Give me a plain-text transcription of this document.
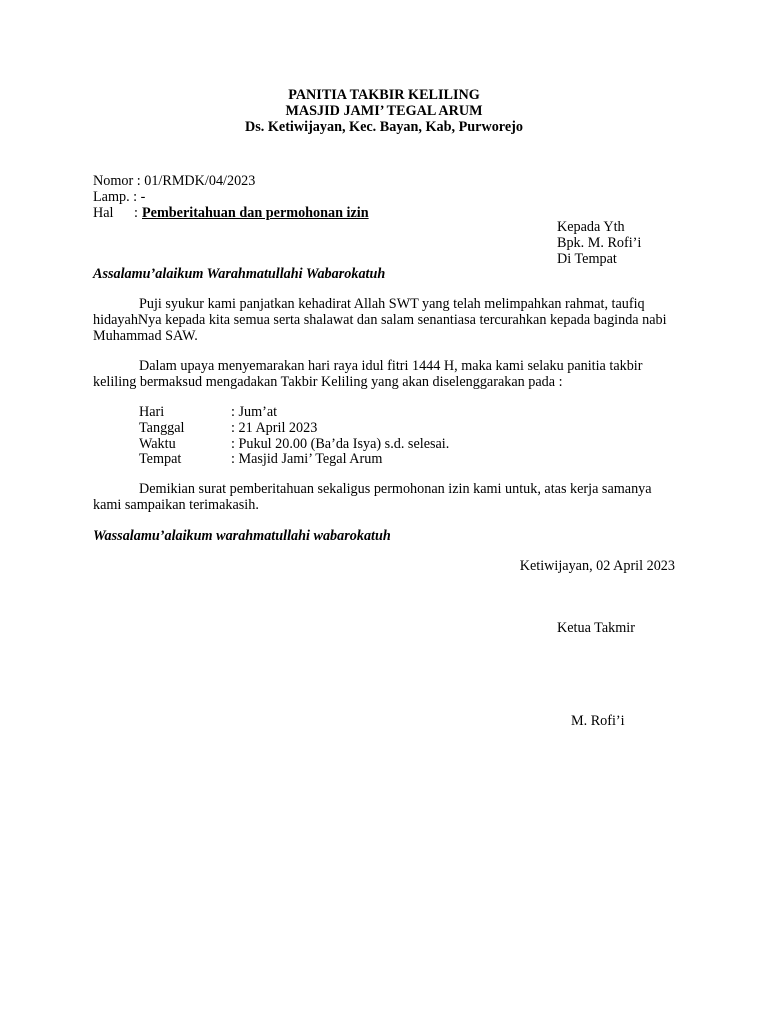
PANITIA TAKBIR KELILING
MASJID JAMI’ TEGAL ARUM
Ds. Ketiwijayan, Kec. Bayan, Kab, Purworejo
Nomor : 01/RMDK/04/2023
Lamp. : -
Hal : Pemberitahuan dan permohonan izin
Kepada Yth
Bpk. M. Rofi’i
Di Tempat
Assalamu’alaikum Warahmatullahi Wabarokatuh
Puji syukur kami panjatkan kehadirat Allah SWT yang telah melimpahkan rahmat, taufiq
hidayahNya kepada kita semua serta shalawat dan salam senantiasa tercurahkan kepada baginda nabi
Muhammad SAW.
Dalam upaya menyemarakan hari raya idul fitri 1444 H, maka kami selaku panitia takbir
keliling bermaksud mengadakan Takbir Keliling yang akan diselenggarakan pada :
Hari	: Jum’at
Tanggal	: 21 April 2023
Waktu	: Pukul 20.00 (Ba’da Isya) s.d. selesai.
Tempat	: Masjid Jami’ Tegal Arum
Demikian surat pemberitahuan sekaligus permohonan izin kami untuk, atas kerja samanya
kami sampaikan terimakasih.
Wassalamu’alaikum warahmatullahi wabarokatuh
Ketiwijayan, 02 April 2023
Ketua Takmir
M. Rofi’i
